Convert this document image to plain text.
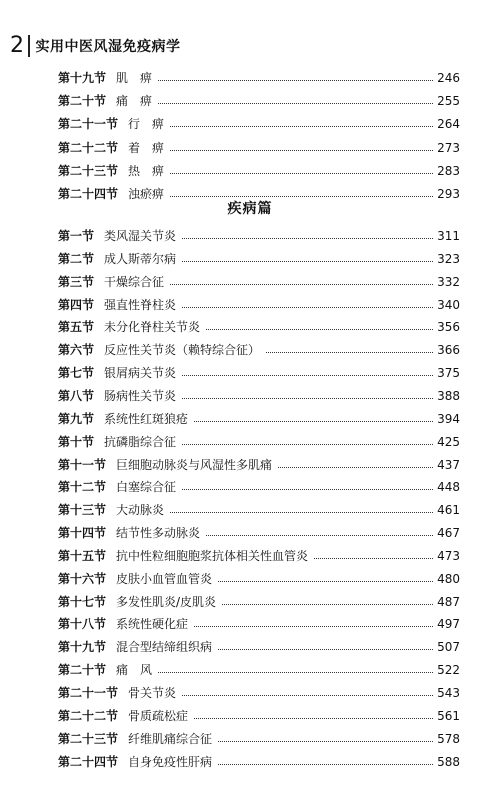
2 实用中医风湿免疫病学
疾病篇
第十九节 肌　痹	246
第二十节 痛　痹	255
第二十一节 行　痹	264
第二十二节 着　痹	273
第二十三节 热　痹	283
第二十四节 浊瘀痹	293
第一节 类风湿关节炎	311
第二节 成人斯蒂尔病	323
第三节 干燥综合征	332
第四节 强直性脊柱炎	340
第五节 未分化脊柱关节炎	356
第六节 反应性关节炎（赖特综合征）	366
第七节 银屑病关节炎	375
第八节 肠病性关节炎	388
第九节 系统性红斑狼疮	394
第十节 抗磷脂综合征	425
第十一节 巨细胞动脉炎与风湿性多肌痛	437
第十二节 白塞综合征	448
第十三节 大动脉炎	461
第十四节 结节性多动脉炎	467
第十五节 抗中性粒细胞胞浆抗体相关性血管炎	473
第十六节 皮肤小血管血管炎	480
第十七节 多发性肌炎/皮肌炎	487
第十八节 系统性硬化症	497
第十九节 混合型结缔组织病	507
第二十节 痛　风	522
第二十一节 骨关节炎	543
第二十二节 骨质疏松症	561
第二十三节 纤维肌痛综合征	578
第二十四节 自身免疫性肝病	588
